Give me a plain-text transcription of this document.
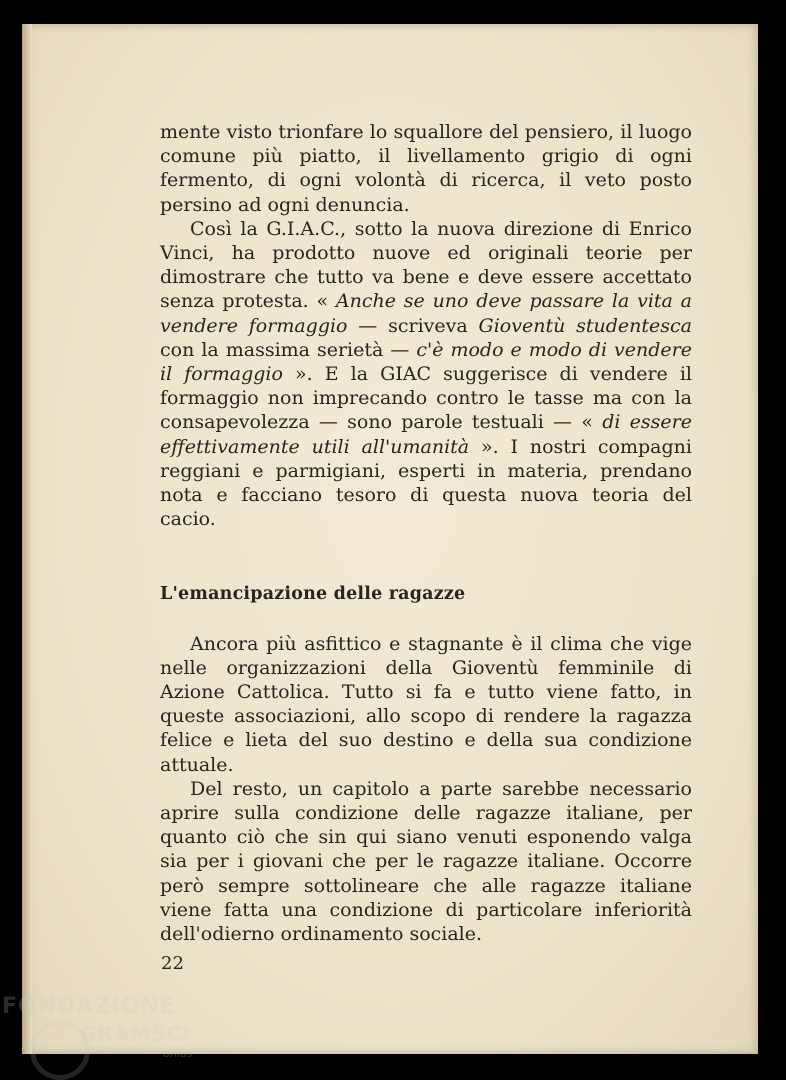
mente visto trionfare lo squallore del pensiero, il luogo comune più piatto, il livellamento grigio di ogni fermento, di ogni volontà di ricerca, il veto posto persino ad ogni denuncia.

Così la G.I.A.C., sotto la nuova direzione di Enrico Vinci, ha prodotto nuove ed originali teorie per dimostrare che tutto va bene e deve essere accettato senza protesta. « Anche se uno deve passare la vita a vendere formaggio — scriveva Gioventù studentesca con la massima serietà — c'è modo e modo di vendere il formaggio ». E la GIAC suggerisce di vendere il formaggio non imprecando contro le tasse ma con la consapevolezza — sono parole testuali — « di essere effettivamente utili all'umanità ». I nostri compagni reggiani e parmigiani, esperti in materia, prendano nota e facciano tesoro di questa nuova teoria del cacio.

L'emancipazione delle ragazze

Ancora più asfittico e stagnante è il clima che vige nelle organizzazioni della Gioventù femminile di Azione Cattolica. Tutto si fa e tutto viene fatto, in queste associazioni, allo scopo di rendere la ragazza felice e lieta del suo destino e della sua condizione attuale.

Del resto, un capitolo a parte sarebbe necessario aprire sulla condizione delle ragazze italiane, per quanto ciò che sin qui siano venuti esponendo valga sia per i giovani che per le ragazze italiane. Occorre però sempre sottolineare che alle ragazze italiane viene fatta una condizione di particolare inferiorità dell'odierno ordinamento sociale.

22
FONDAZIONE
GRAMSCI
onlus
